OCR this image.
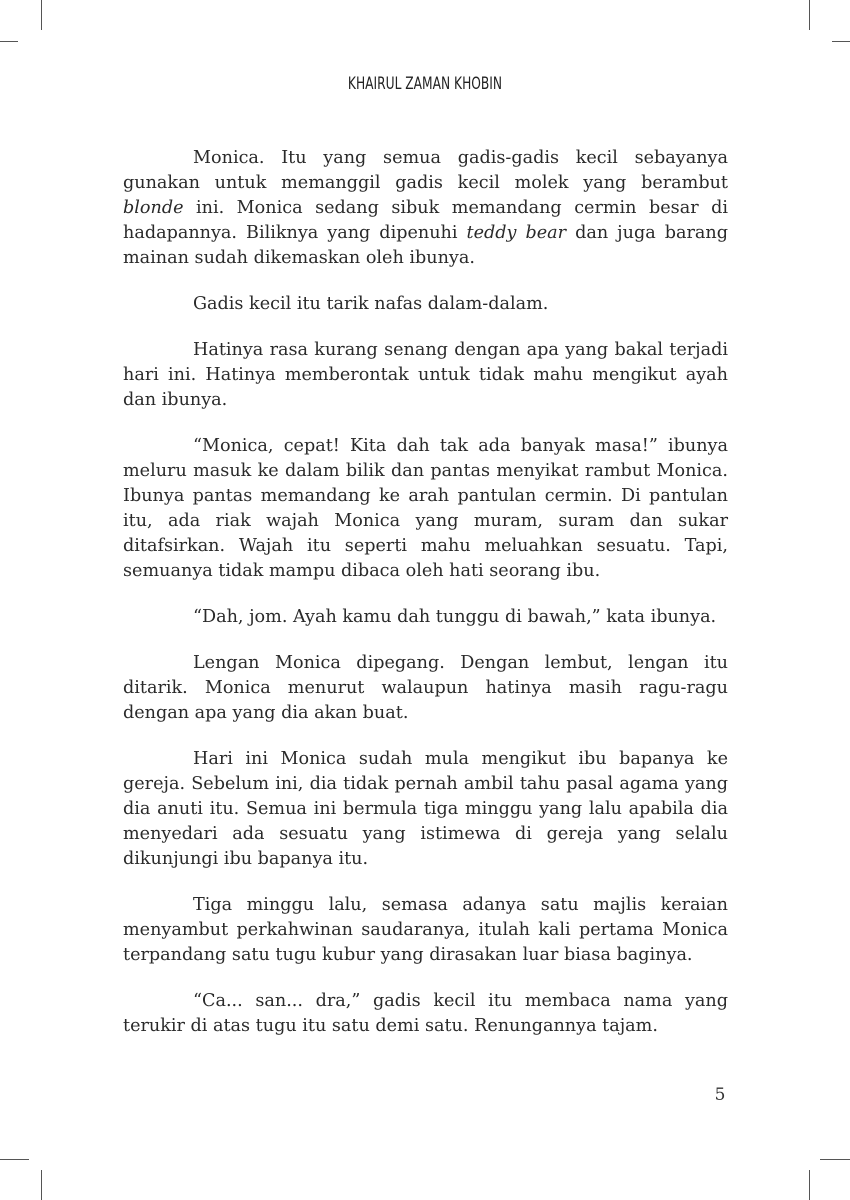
KHAIRUL ZAMAN KHOBIN

Monica. Itu yang semua gadis-gadis kecil sebayanya gunakan untuk memanggil gadis kecil molek yang berambut blonde ini. Monica sedang sibuk memandang cermin besar di hadapannya. Biliknya yang dipenuhi teddy bear dan juga barang mainan sudah dikemaskan oleh ibunya.

Gadis kecil itu tarik nafas dalam-dalam.

Hatinya rasa kurang senang dengan apa yang bakal terjadi hari ini. Hatinya memberontak untuk tidak mahu mengikut ayah dan ibunya.

“Monica, cepat! Kita dah tak ada banyak masa!” ibunya meluru masuk ke dalam bilik dan pantas menyikat rambut Monica. Ibunya pantas memandang ke arah pantulan cermin. Di pantulan itu, ada riak wajah Monica yang muram, suram dan sukar ditafsirkan. Wajah itu seperti mahu meluahkan sesuatu. Tapi, semuanya tidak mampu dibaca oleh hati seorang ibu.

“Dah, jom. Ayah kamu dah tunggu di bawah,” kata ibunya.

Lengan Monica dipegang. Dengan lembut, lengan itu ditarik. Monica menurut walaupun hatinya masih ragu-ragu dengan apa yang dia akan buat.

Hari ini Monica sudah mula mengikut ibu bapanya ke gereja. Sebelum ini, dia tidak pernah ambil tahu pasal agama yang dia anuti itu. Semua ini bermula tiga minggu yang lalu apabila dia menyedari ada sesuatu yang istimewa di gereja yang selalu dikunjungi ibu bapanya itu.

Tiga minggu lalu, semasa adanya satu majlis keraian menyambut perkahwinan saudaranya, itulah kali pertama Monica terpandang satu tugu kubur yang dirasakan luar biasa baginya.

“Ca... san... dra,” gadis kecil itu membaca nama yang terukir di atas tugu itu satu demi satu. Renungannya tajam.

5
